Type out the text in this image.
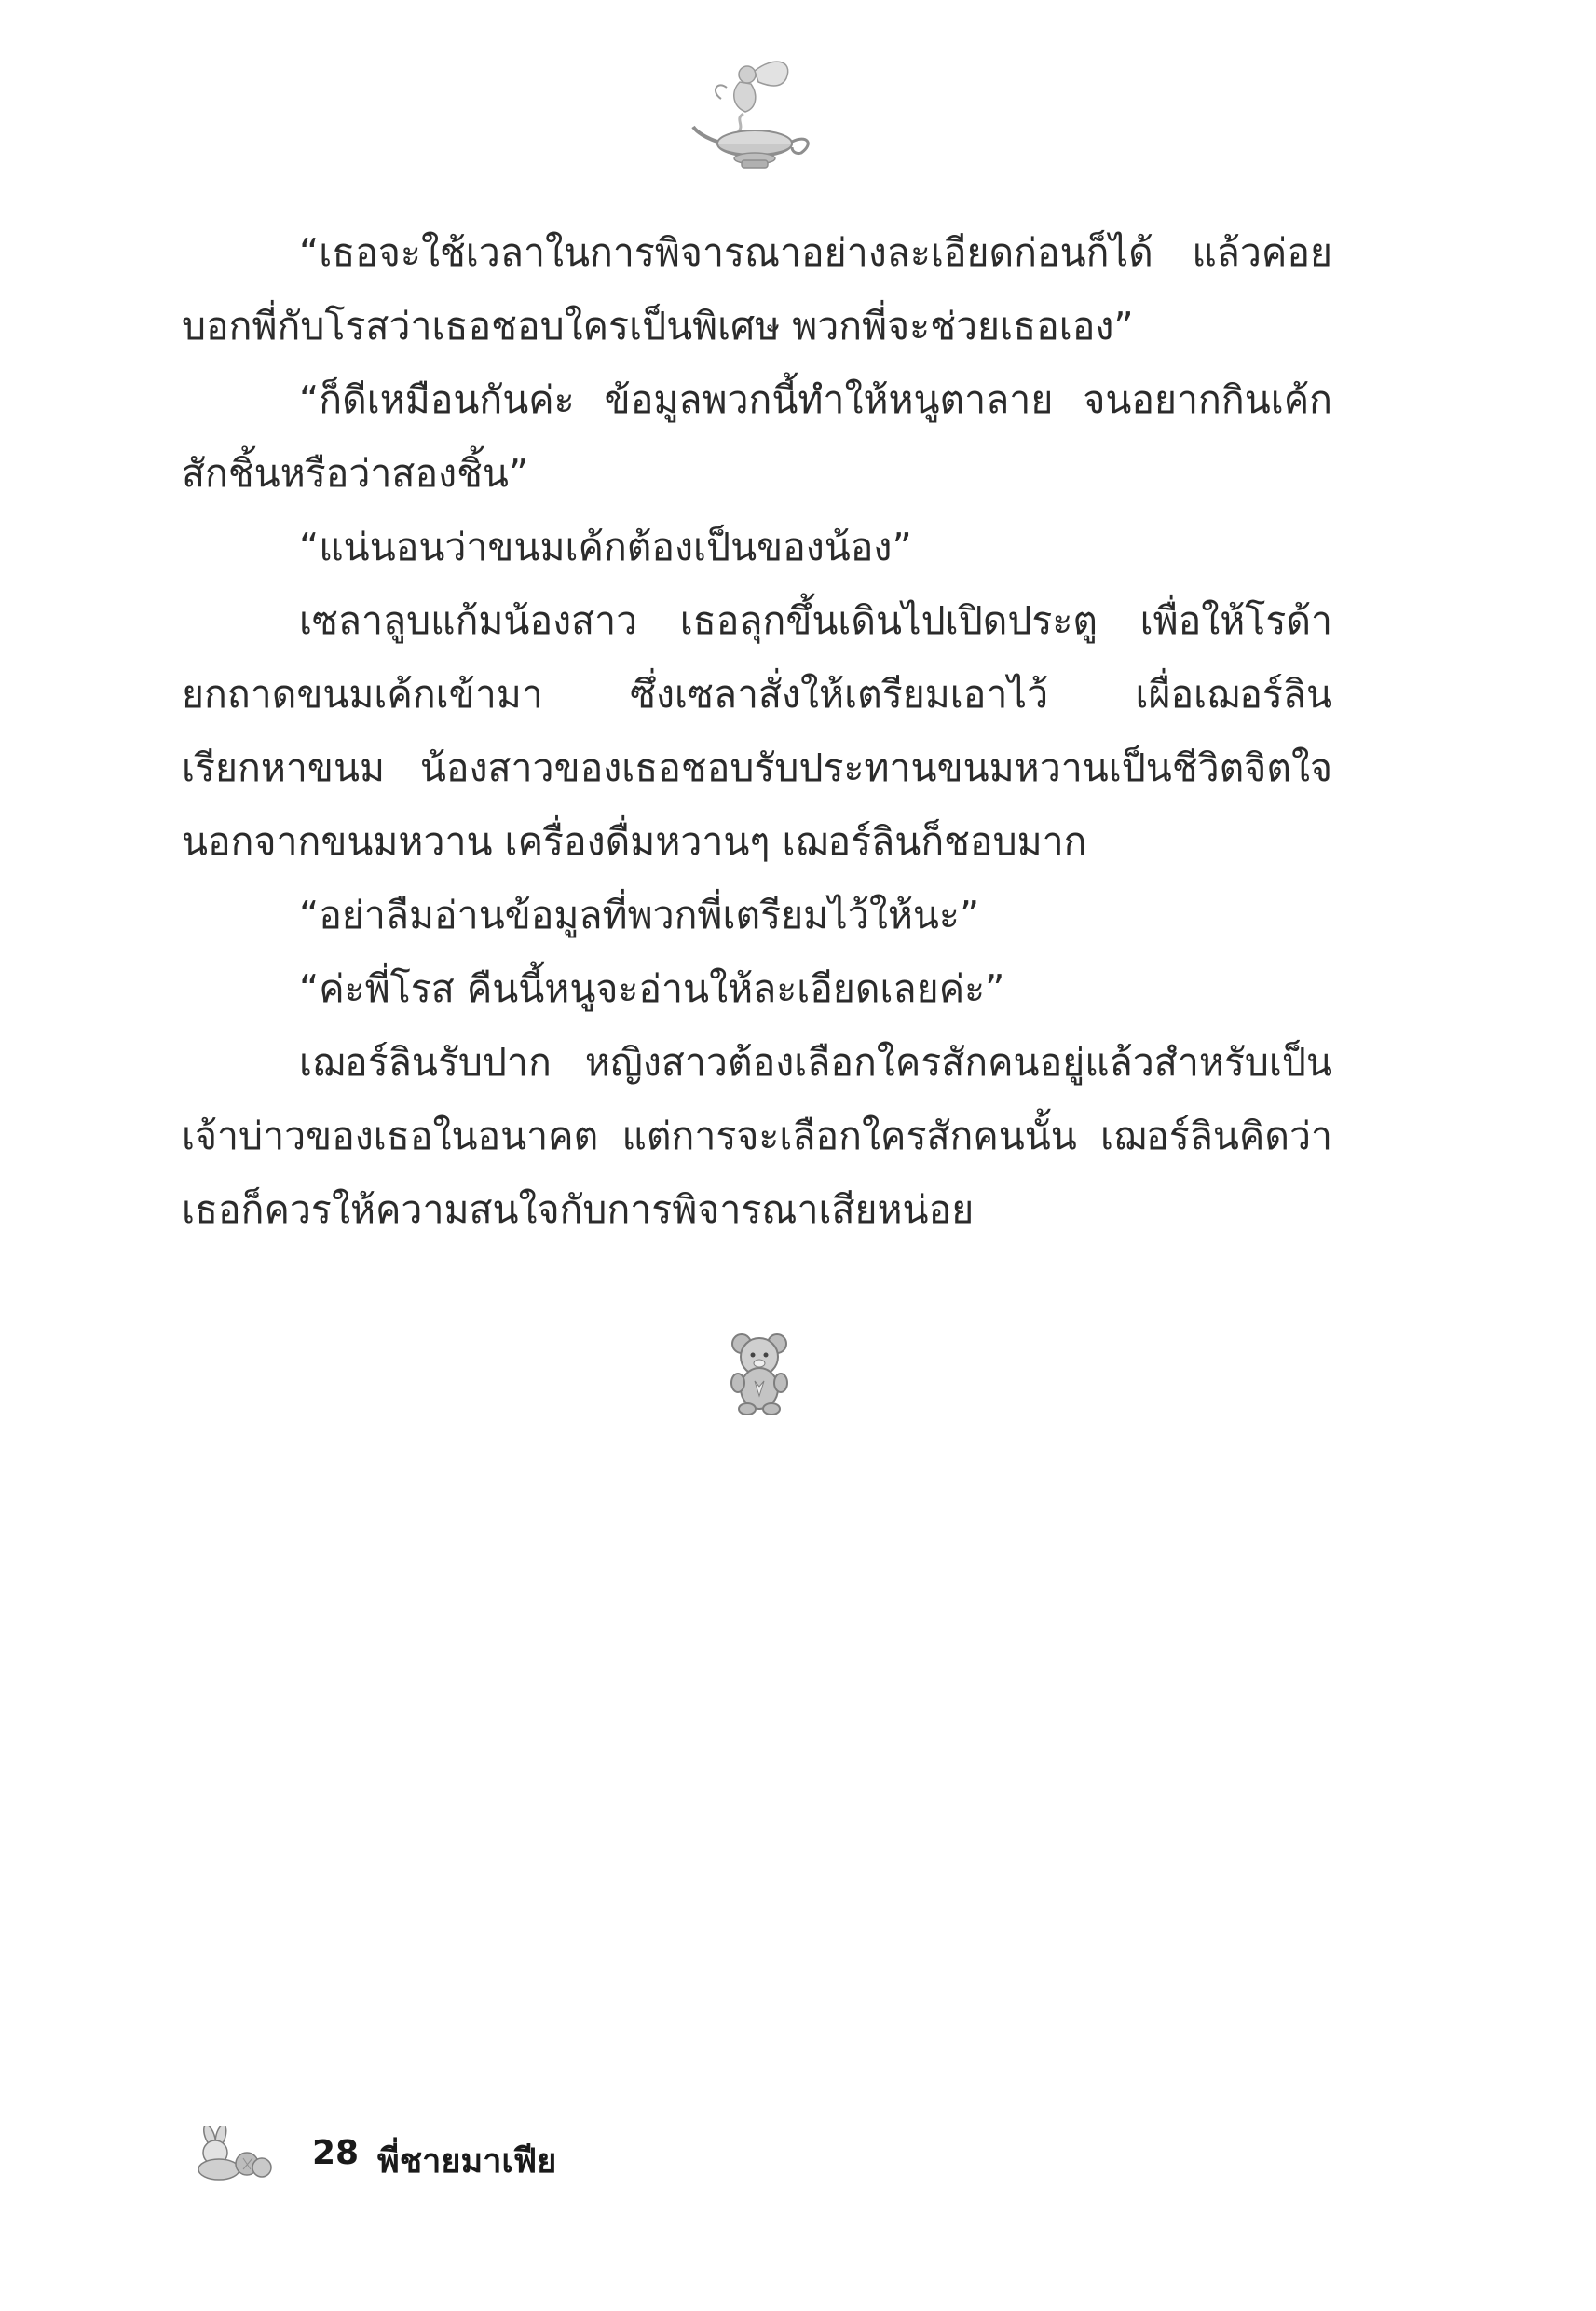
“เธอจะใช้เวลาในการพิจารณาอย่างละเอียดก่อนก็ได้ แล้วค่อย

บอกพี่กับโรสว่าเธอชอบใครเป็นพิเศษ พวกพี่จะช่วยเธอเอง”

“ก็ดีเหมือนกันค่ะ ข้อมูลพวกนี้ทำให้หนูตาลาย จนอยากกินเค้ก

สักชิ้นหรือว่าสองชิ้น”

“แน่นอนว่าขนมเค้กต้องเป็นของน้อง”

เซลาลูบแก้มน้องสาว เธอลุกขึ้นเดินไปเปิดประตู เพื่อให้โรด้า

ยกถาดขนมเค้กเข้ามา ซึ่งเซลาสั่งให้เตรียมเอาไว้ เผื่อเฌอร์ลิน

เรียกหาขนม น้องสาวของเธอชอบรับประทานขนมหวานเป็นชีวิตจิตใจ

นอกจากขนมหวาน เครื่องดื่มหวานๆ เฌอร์ลินก็ชอบมาก

“อย่าลืมอ่านข้อมูลที่พวกพี่เตรียมไว้ให้นะ”

“ค่ะพี่โรส คืนนี้หนูจะอ่านให้ละเอียดเลยค่ะ”

เฌอร์ลินรับปาก หญิงสาวต้องเลือกใครสักคนอยู่แล้วสำหรับเป็น

เจ้าบ่าวของเธอในอนาคต แต่การจะเลือกใครสักคนนั้น เฌอร์ลินคิดว่า

เธอก็ควรให้ความสนใจกับการพิจารณาเสียหน่อย

28 พี่ชายมาเฟีย
